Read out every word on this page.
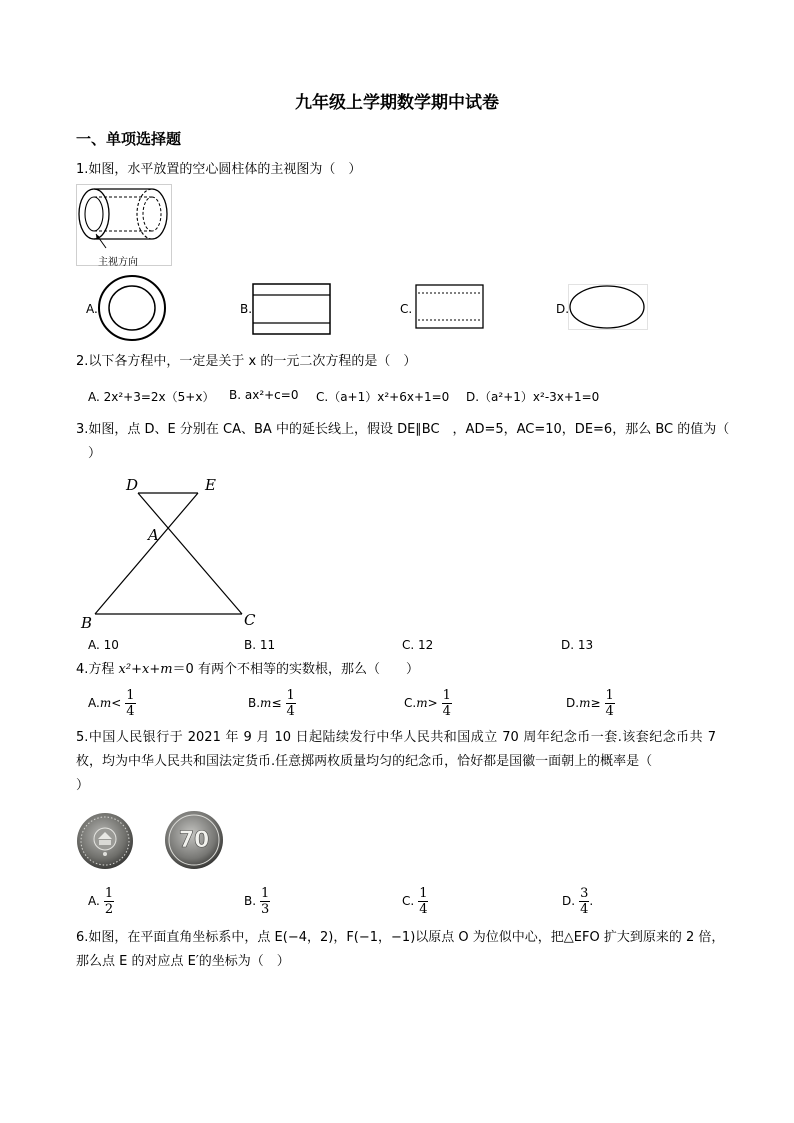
九年级上学期数学期中试卷
一、单项选择题
1.如图，水平放置的空心圆柱体的主视图为（　）
主视方向
A.	B.	C.	D.
2.以下各方程中，一定是关于 x 的一元二次方程的是（　）
A. 2x²+3=2x（5+x） B. ax²+c=0 C.（a+1）x²+6x+1=0 D.（a²+1）x²-3x+1=0
3.如图，点 D、E 分别在 CA、BA 中的延长线上，假设 DE∥BC　，AD=5，AC=10，DE=6，那么 BC 的值为（
）
D	E
A
B	C
A. 10	B. 11	C. 12	D. 13
4.方程 x²+x+m＝0 有两个不相等的实数根，那么（　　）
$A.m< \frac{1}{4}$	$B.m\le \frac{1}{4}$	$C.m> \frac{1}{4}$	$D.m\ge \frac{1}{4}$
5.中国人民银行于 2021 年 9 月 10 日起陆续发行中华人民共和国成立 70 周年纪念币一套.该套纪念币共 7
枚，均为中华人民共和国法定货币.任意掷两枚质量均匀的纪念币，恰好都是国徽一面朝上的概率是（
）
70
A. $\frac{1}{2}$	B. $\frac{1}{3}$	C. $\frac{1}{4}$	D. $\frac{3}{4}$ .
6.如图，在平面直角坐标系中，点 E(−4，2)，F(−1，−1)以原点 O 为位似中心，把△EFO 扩大到原来的 2 倍，
那么点 E 的对应点 E′的坐标为（　）
